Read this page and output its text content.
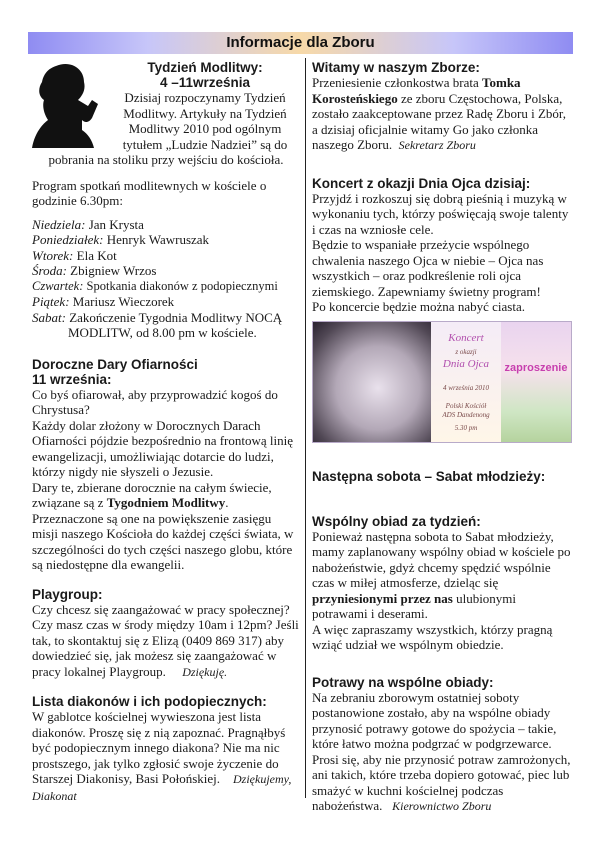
Informacje dla Zboru
Tydzień Modlitwy:
4 –11września

Dzisiaj rozpoczynamy Tydzień Modlitwy. Artykuły na Tydzień Modlitwy 2010 pod ogólnym tytułem „Ludzie Nadziei” są do pobrania na stoliku przy wejściu do kościoła.

Program spotkań modlitewnych w kościele o godzinie 6.30pm:

Niedziela: Jan Krysta

Poniedziałek: Henryk Wawruszak

Wtorek: Ela Kot

Środa: Zbigniew Wrzos

Czwartek: Spotkania diakonów z podopiecznymi

Piątek: Mariusz Wieczorek

Sabat: Zakończenie Tygodnia Modlitwy NOCĄ

MODLITW, od 8.00 pm w kościele.

Doroczne Dary Ofiarności
11 września:

Co byś ofiarował, aby przyprowadzić kogoś do Chrystusa?

Każdy dolar złożony w Dorocznych Darach Ofiarności pójdzie bezpośrednio na frontową linię ewangelizacji, umożliwiając dotarcie do ludzi, którzy nigdy nie słyszeli o Jezusie.

Dary te, zbierane dorocznie na całym świecie, związane są z Tygodniem Modlitwy.

Przeznaczone są one na powiększenie zasięgu misji naszego Kościoła do każdej części świata, w szczególności do tych części naszego globu, które są niedostępne dla ewangelii.

Playgroup:

Czy chcesz się zaangażować w pracy społecznej? Czy masz czas w środy między 10am i 12pm? Jeśli tak, to skontaktuj się z Elizą (0409 869 317) aby dowiedzieć się, jak możesz się zaangażować w pracy lokalnej Playgroup. Dziękuję.

Lista diakonów i ich podopiecznych:

W gablotce kościelnej wywieszona jest lista diakonów. Proszę się z nią zapoznać. Pragnąłbyś być podopiecznym innego diakona? Nie ma nic prostszego, jak tylko zgłosić swoje życzenie do Starszej Diakonisy, Basi Połońskiej. Dziękujemy, Diakonat

Witamy w naszym Zborze:

Przeniesienie członkostwa brata Tomka Korosteńskiego ze zboru Częstochowa, Polska, zostało zaakceptowane przez Radę Zboru i Zbór, a dzisiaj oficjalnie witamy Go jako członka naszego Zboru. Sekretarz Zboru

Koncert z okazji Dnia Ojca dzisiaj:

Przyjdź i rozkoszuj się dobrą pieśnią i muzyką w wykonaniu tych, którzy poświęcają swoje talenty i czas na wzniosłe cele.

Będzie to wspaniałe przeżycie wspólnego chwalenia naszego Ojca w niebie – Ojca nas wszystkich – oraz podkreślenie roli ojca ziemskiego. Zapewniamy świetny program!

Po koncercie będzie można nabyć ciasta.

Koncert
z okazji
Dnia Ojca
4 września 2010
Polski Kościół
ADS Dandenong
5.30 pm
zaproszenie
Następna sobota – Sabat młodzieży:
Wspólny obiad za tydzień:

Ponieważ następna sobota to Sabat młodzieży, mamy zaplanowany wspólny obiad w kościele po nabożeństwie, gdyż chcemy spędzić wspólnie czas w miłej atmosferze, dzieląc się przyniesionymi przez nas ulubionymi potrawami i deserami.

A więc zapraszamy wszystkich, którzy pragną wziąć udział we wspólnym obiedzie.

Potrawy na wspólne obiady:

Na zebraniu zborowym ostatniej soboty postanowione zostało, aby na wspólne obiady przynosić potrawy gotowe do spożycia – takie, które łatwo można podgrzać w podgrzewarce. Prosi się, aby nie przynosić potraw zamrożonych, ani takich, które trzeba dopiero gotować, piec lub smażyć w kuchni kościelnej podczas nabożeństwa. Kierownictwo Zboru
